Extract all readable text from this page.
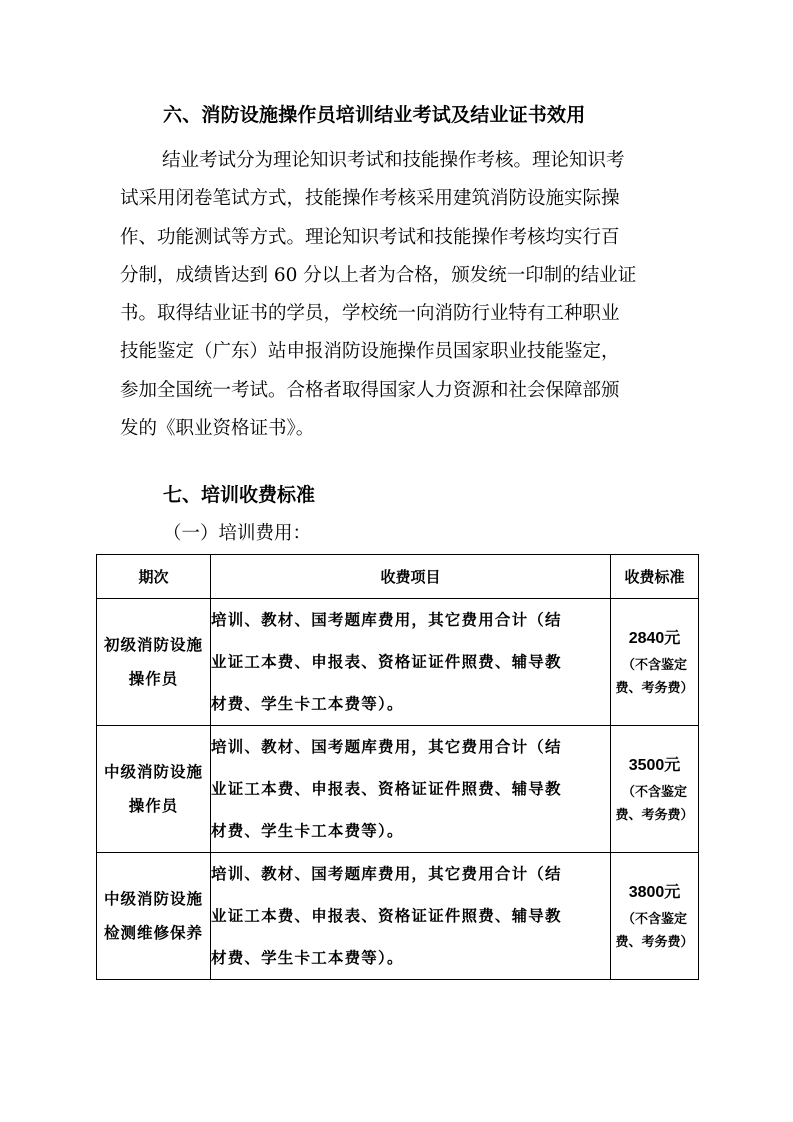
六、消防设施操作员培训结业考试及结业证书效用
结业考试分为理论知识考试和技能操作考核。理论知识考
试采用闭卷笔试方式，技能操作考核采用建筑消防设施实际操
作、功能测试等方式。理论知识考试和技能操作考核均实行百
分制，成绩皆达到 60 分以上者为合格，颁发统一印制的结业证
书。取得结业证书的学员，学校统一向消防行业特有工种职业
技能鉴定（广东）站申报消防设施操作员国家职业技能鉴定，
参加全国统一考试。合格者取得国家人力资源和社会保障部颁
发的《职业资格证书》。
七、培训收费标准
（一）培训费用：
期次	收费项目	收费标准

初级消防设施
操作员	培训、教材、国考题库费用，其它费用合计（结
业证工本费、申报表、资格证证件照费、辅导教
材费、学生卡工本费等）。	2840元
（不含鉴定
费、考务费）

中级消防设施
操作员	培训、教材、国考题库费用，其它费用合计（结
业证工本费、申报表、资格证证件照费、辅导教
材费、学生卡工本费等）。	3500元
（不含鉴定
费、考务费）

中级消防设施
检测维修保养	培训、教材、国考题库费用，其它费用合计（结
业证工本费、申报表、资格证证件照费、辅导教
材费、学生卡工本费等）。	3800元
（不含鉴定
费、考务费）
